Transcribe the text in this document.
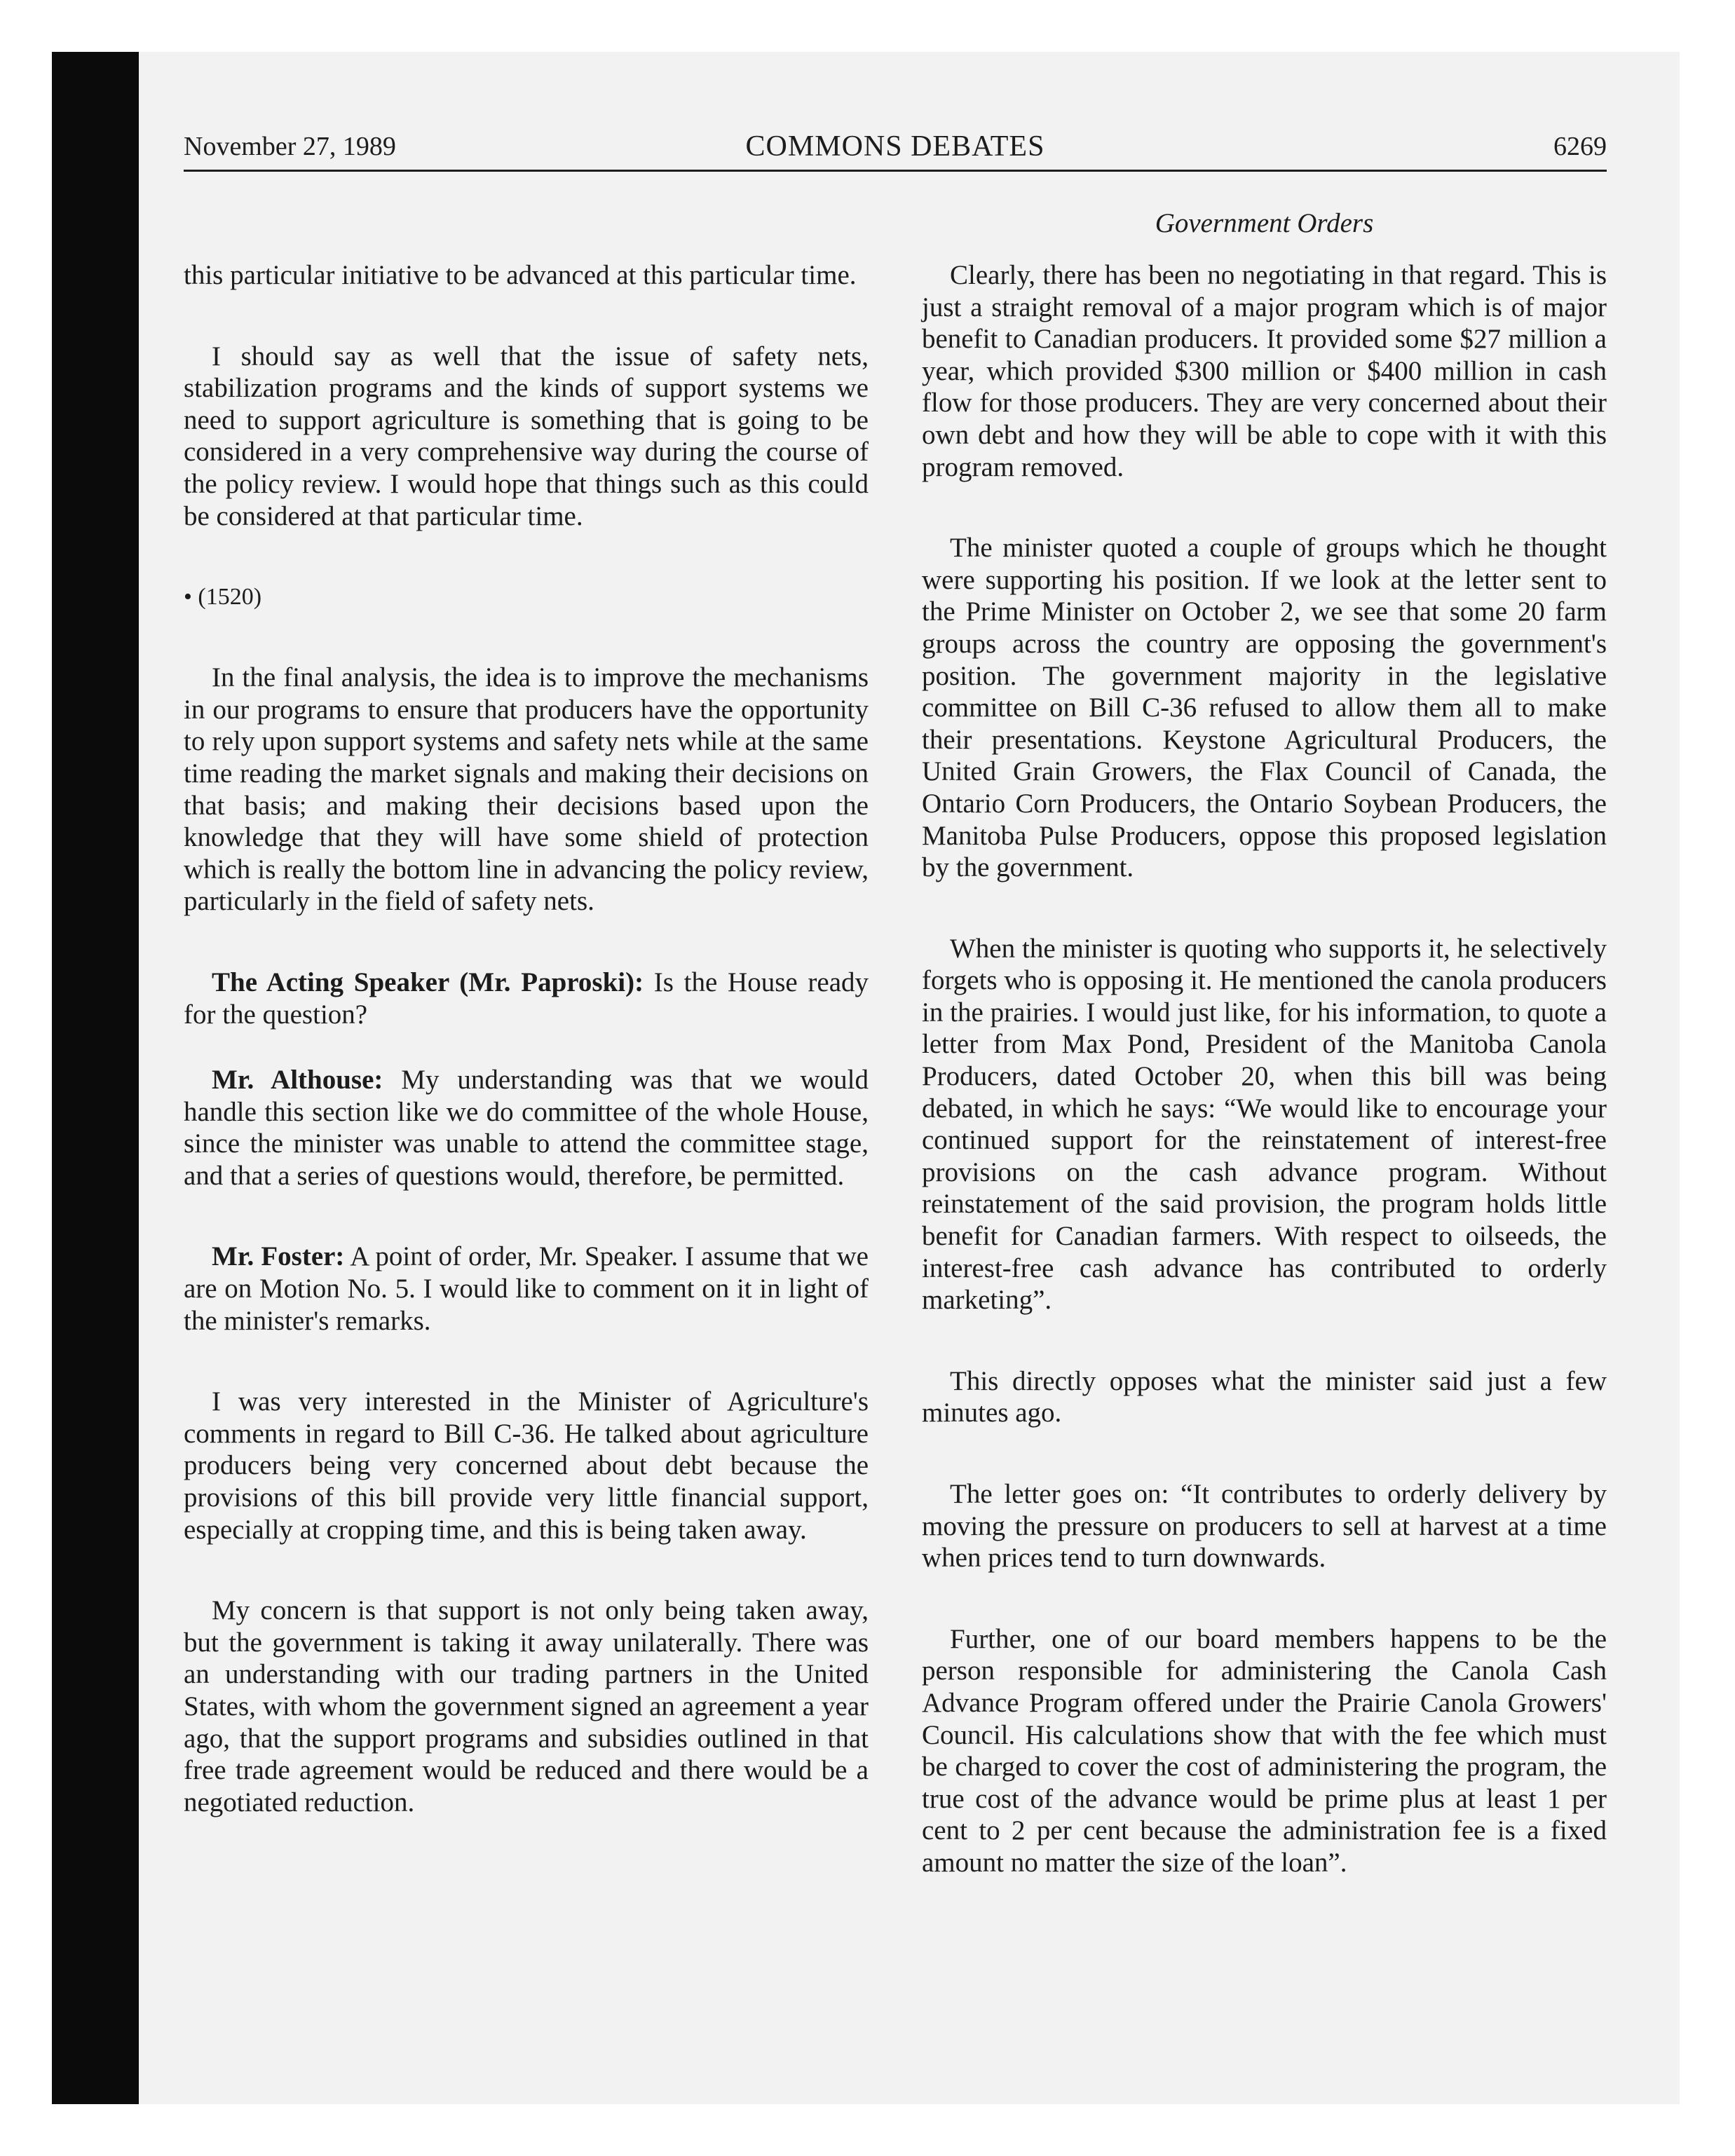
November 27, 1989	COMMONS DEBATES	6269
Government Orders

this particular initiative to be advanced at this particular time.

I should say as well that the issue of safety nets, stabilization programs and the kinds of support systems we need to support agriculture is something that is going to be considered in a very comprehensive way during the course of the policy review. I would hope that things such as this could be considered at that particular time.

• (1520)

In the final analysis, the idea is to improve the mechanisms in our programs to ensure that producers have the opportunity to rely upon support systems and safety nets while at the same time reading the market signals and making their decisions on that basis; and making their decisions based upon the knowledge that they will have some shield of protection which is really the bottom line in advancing the policy review, particularly in the field of safety nets.

The Acting Speaker (Mr. Paproski): Is the House ready for the question?

Mr. Althouse: My understanding was that we would handle this section like we do committee of the whole House, since the minister was unable to attend the committee stage, and that a series of questions would, therefore, be permitted.

Mr. Foster: A point of order, Mr. Speaker. I assume that we are on Motion No. 5. I would like to comment on it in light of the minister's remarks.

I was very interested in the Minister of Agriculture's comments in regard to Bill C-36. He talked about agriculture producers being very concerned about debt because the provisions of this bill provide very little financial support, especially at cropping time, and this is being taken away.

My concern is that support is not only being taken away, but the government is taking it away unilaterally. There was an understanding with our trading partners in the United States, with whom the government signed an agreement a year ago, that the support programs and subsidies outlined in that free trade agreement would be reduced and there would be a negotiated reduction.

Clearly, there has been no negotiating in that regard. This is just a straight removal of a major program which is of major benefit to Canadian producers. It provided some $27 million a year, which provided $300 million or $400 million in cash flow for those producers. They are very concerned about their own debt and how they will be able to cope with it with this program removed.

The minister quoted a couple of groups which he thought were supporting his position. If we look at the letter sent to the Prime Minister on October 2, we see that some 20 farm groups across the country are opposing the government's position. The government majority in the legislative committee on Bill C-36 refused to allow them all to make their presentations. Keystone Agricultural Producers, the United Grain Growers, the Flax Council of Canada, the Ontario Corn Producers, the Ontario Soybean Producers, the Manitoba Pulse Producers, oppose this proposed legislation by the government.

When the minister is quoting who supports it, he selectively forgets who is opposing it. He mentioned the canola producers in the prairies. I would just like, for his information, to quote a letter from Max Pond, President of the Manitoba Canola Producers, dated October 20, when this bill was being debated, in which he says: “We would like to encourage your continued support for the reinstatement of interest-free provisions on the cash advance program. Without reinstatement of the said provision, the program holds little benefit for Canadian farmers. With respect to oilseeds, the interest-free cash advance has contributed to orderly marketing”.

This directly opposes what the minister said just a few minutes ago.

The letter goes on: “It contributes to orderly delivery by moving the pressure on producers to sell at harvest at a time when prices tend to turn downwards.

Further, one of our board members happens to be the person responsible for administering the Canola Cash Advance Program offered under the Prairie Canola Growers' Council. His calculations show that with the fee which must be charged to cover the cost of administering the program, the true cost of the advance would be prime plus at least 1 per cent to 2 per cent because the administration fee is a fixed amount no matter the size of the loan”.
